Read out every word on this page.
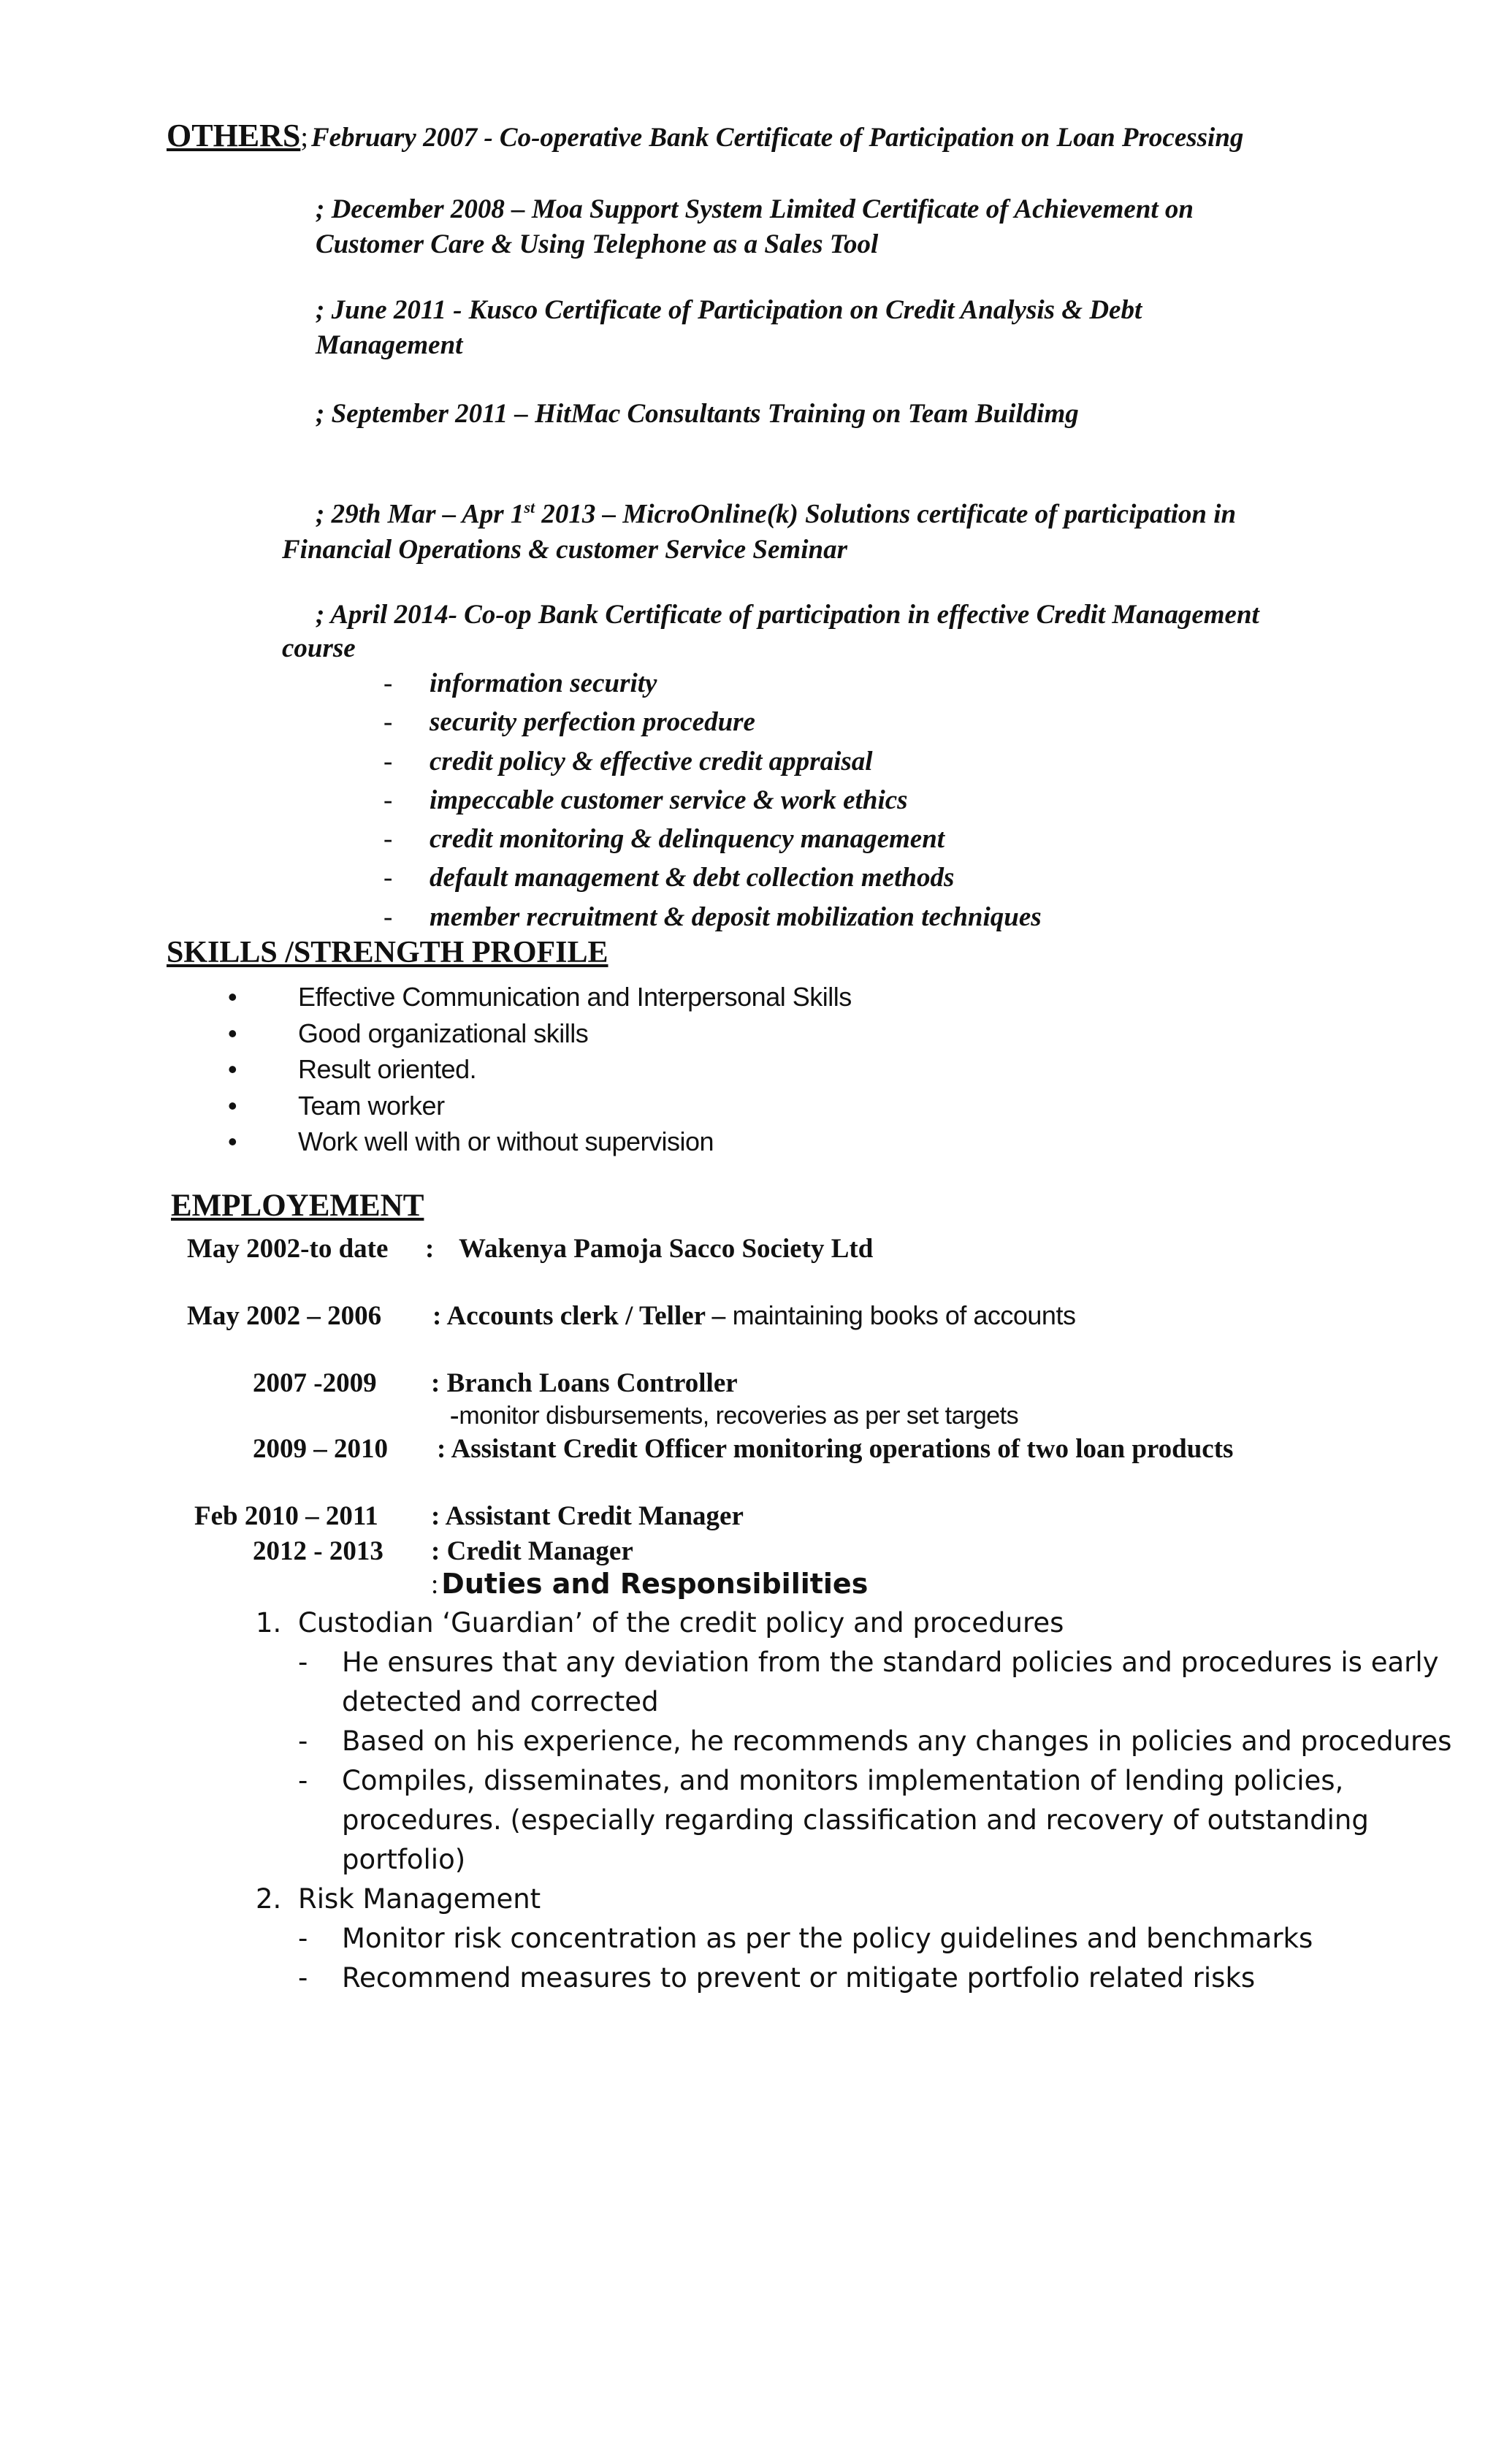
OTHERS; February 2007 - Co-operative Bank Certificate of Participation on Loan Processing
; December 2008 – Moa Support System Limited Certificate of Achievement on
Customer Care & Using Telephone as a Sales Tool
; June 2011 - Kusco Certificate of Participation on Credit Analysis & Debt
Management
; September 2011 – HitMac Consultants Training on Team Buildimg
; 29th Mar – Apr 1st 2013 – MicroOnline(k) Solutions certificate of participation in
Financial Operations & customer Service Seminar
; April 2014- Co-op Bank Certificate of participation in effective Credit Management
course
- information security
- security perfection procedure
- credit policy & effective credit appraisal
- impeccable customer service & work ethics
- credit monitoring & delinquency management
- default management & debt collection methods
- member recruitment & deposit mobilization techniques
SKILLS /STRENGTH PROFILE
• Effective Communication and Interpersonal Skills
• Good organizational skills
• Result oriented.
• Team worker
• Work well with or without supervision
EMPLOYEMENT
May 2002-to date : Wakenya Pamoja Sacco Society Ltd
May 2002 – 2006 : Accounts clerk / Teller – maintaining books of accounts
2007 -2009 : Branch Loans Controller
-monitor disbursements, recoveries as per set targets
2009 – 2010 : Assistant Credit Officer monitoring operations of two loan products
Feb 2010 – 2011 : Assistant Credit Manager
2012 - 2013 : Credit Manager
: Duties and Responsibilities
1. Custodian ‘Guardian’ of the credit policy and procedures
- He ensures that any deviation from the standard policies and procedures is early
detected and corrected
- Based on his experience, he recommends any changes in policies and procedures
- Compiles, disseminates, and monitors implementation of lending policies,
procedures. (especially regarding classification and recovery of outstanding
portfolio)
2. Risk Management
- Monitor risk concentration as per the policy guidelines and benchmarks
- Recommend measures to prevent or mitigate portfolio related risks
